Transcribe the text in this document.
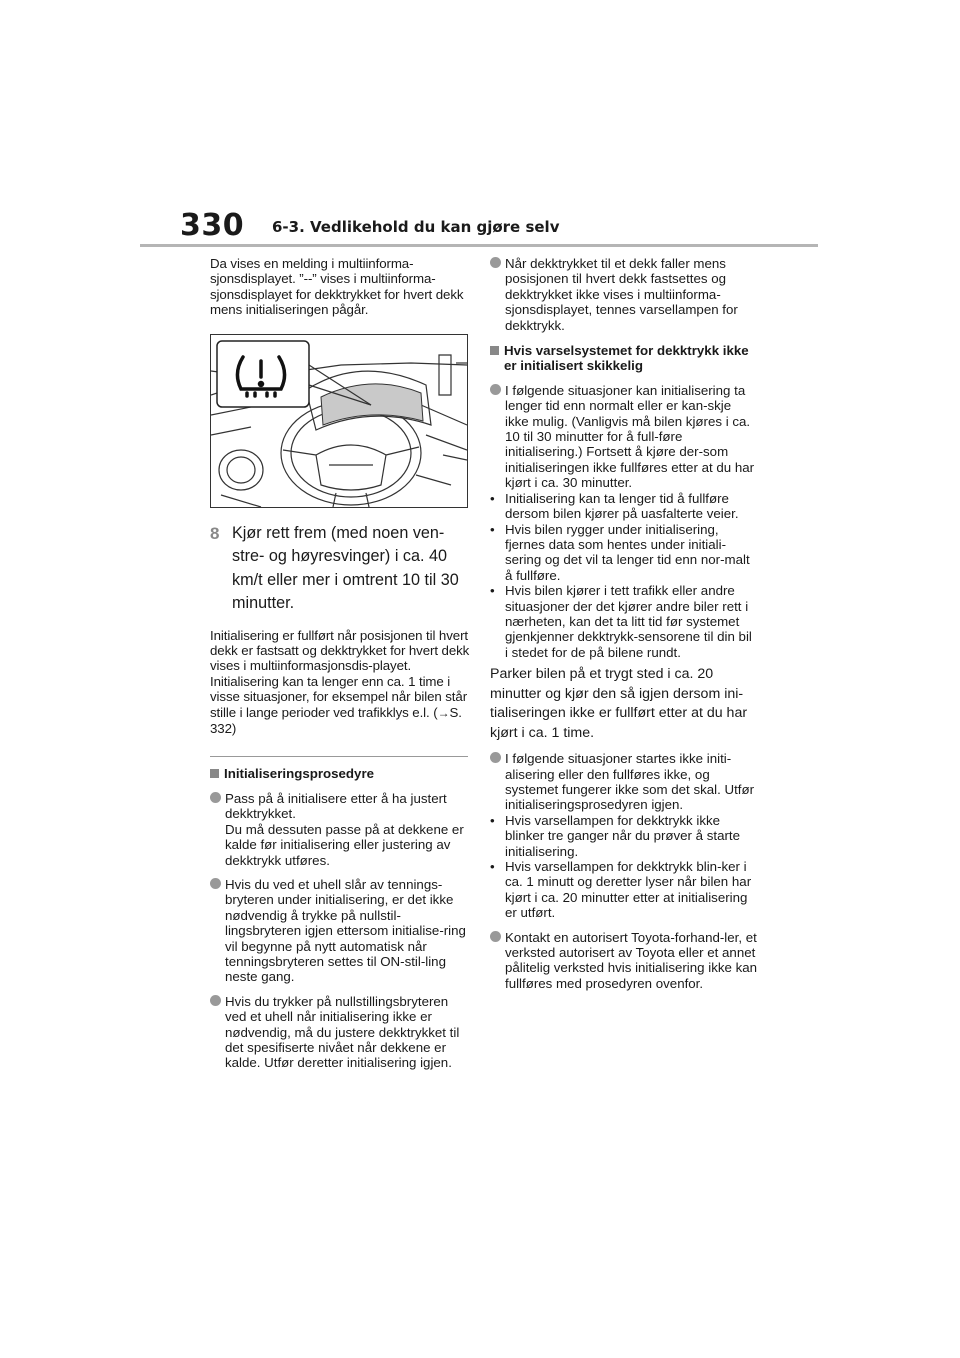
330 6-3. Vedlikehold du kan gjøre selv

Da vises en melding i multiinforma-sjonsdisplayet. ”--” vises i multiinforma-sjonsdisplayet for dekktrykket for hvert dekk mens initialiseringen pågår.

8 Kjør rett frem (med noen ven-stre- og høyresvinger) i ca. 40 km/t eller mer i omtrent 10 til 30 minutter.

Initialisering er fullført når posisjonen til hvert dekk er fastsatt og dekktrykket for hvert dekk vises i multiinformasjonsdis-playet. Initialisering kan ta lenger enn ca. 1 time i visse situasjoner, for eksempel når bilen står stille i lange perioder ved trafikklys e.l. (→S. 332)

Initialiseringsprosedyre
Pass på å initialisere etter å ha justert dekktrykket.
Du må dessuten passe på at dekkene er kalde før initialisering eller justering av dekktrykk utføres.
Hvis du ved et uhell slår av tennings-bryteren under initialisering, er det ikke nødvendig å trykke på nullstil-lingsbryteren igjen ettersom initialise-ring vil begynne på nytt automatisk når tenningsbryteren settes til ON-stil-ling neste gang.
Hvis du trykker på nullstillingsbryteren ved et uhell når initialisering ikke er nødvendig, må du justere dekktrykket til det spesifiserte nivået når dekkene er kalde. Utfør deretter initialisering igjen.
Når dekktrykket til et dekk faller mens posisjonen til hvert dekk fastsettes og dekktrykket ikke vises i multiinforma-sjonsdisplayet, tennes varsellampen for dekktrykk.
Hvis varselsystemet for dekktrykk ikke er initialisert skikkelig
I følgende situasjoner kan initialisering ta lenger tid enn normalt eller er kan-skje ikke mulig. (Vanligvis må bilen kjøres i ca. 10 til 30 minutter for å full-føre initialisering.) Fortsett å kjøre der-som initialiseringen ikke fullføres etter at du har kjørt i ca. 30 minutter.
• Initialisering kan ta lenger tid å fullføre dersom bilen kjører på uasfalterte veier.
• Hvis bilen rygger under initialisering, fjernes data som hentes under initiali-sering og det vil ta lenger tid enn nor-malt å fullføre.
• Hvis bilen kjører i tett trafikk eller andre situasjoner der det kjører andre biler rett i nærheten, kan det ta litt tid før systemet gjenkjenner dekktrykk-sensorene til din bil i stedet for de på bilene rundt.

Parker bilen på et trygt sted i ca. 20 minutter og kjør den så igjen dersom ini-tialiseringen ikke er fullført etter at du har kjørt i ca. 1 time.

I følgende situasjoner startes ikke initi-alisering eller den fullføres ikke, og systemet fungerer ikke som det skal. Utfør initialiseringsprosedyren igjen.
• Hvis varsellampen for dekktrykk ikke blinker tre ganger når du prøver å starte initialisering.
• Hvis varsellampen for dekktrykk blin-ker i ca. 1 minutt og deretter lyser når bilen har kjørt i ca. 20 minutter etter at initialisering er utført.
Kontakt en autorisert Toyota-forhand-ler, et verksted autorisert av Toyota eller et annet pålitelig verksted hvis initialisering ikke kan fullføres med prosedyren ovenfor.
